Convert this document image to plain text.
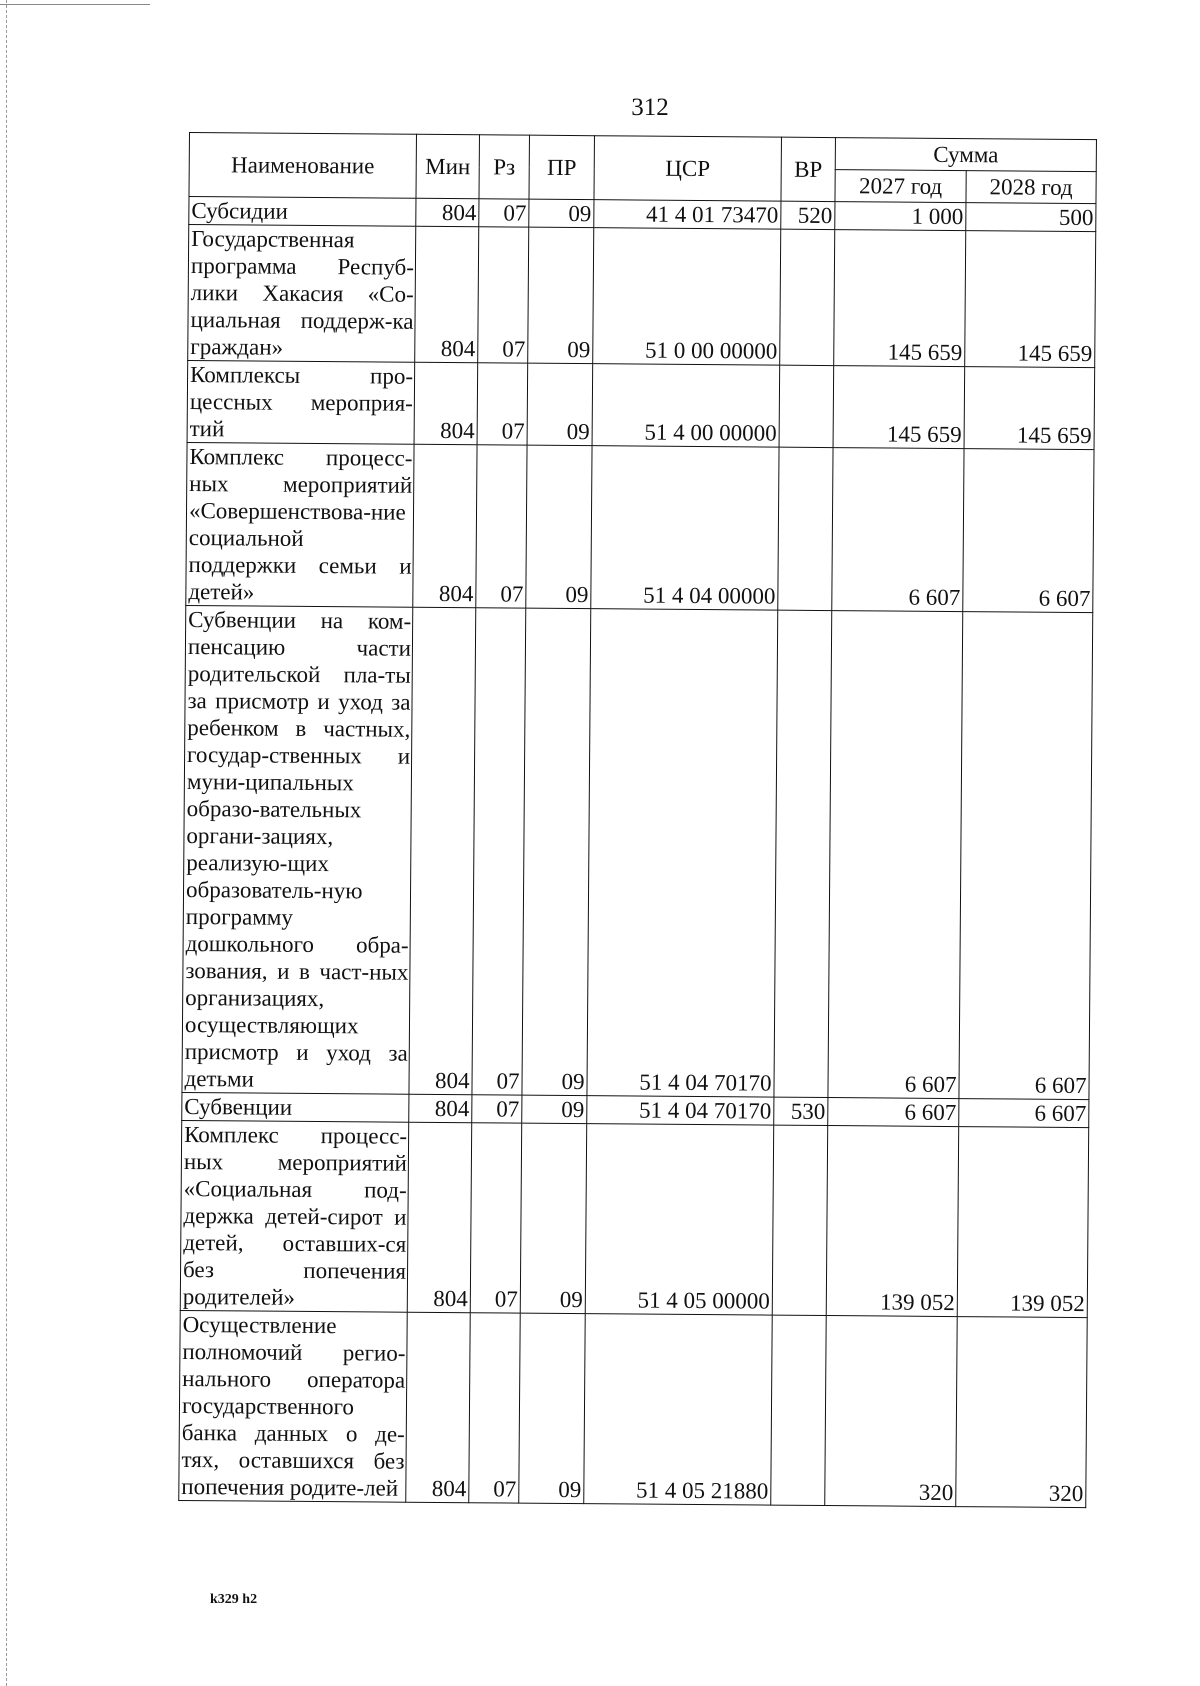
312
Наименование	Мин	Рз	ПР	ЦСР	ВР	Сумма	
						2027 год	2028 год
Субсидии	804	07	09	41 4 01 73470	520	1 000	500
Государственная программа Респуб-лики Хакасия «Со-циальная поддерж-ка граждан»	804	07	09	51 0 00 00000		145 659	145 659
Комплексы про-цессных мероприя-тий	804	07	09	51 4 00 00000		145 659	145 659
Комплекс процесс-ных мероприятий «Совершенствова-ние социальной поддержки семьи и детей»	804	07	09	51 4 04 00000		6 607	6 607
Субвенции на ком-пенсацию части родительской пла-ты за присмотр и уход за ребенком в частных, государ-ственных и муни-ципальных образо-вательных органи-зациях, реализую-щих образователь-ную программу дошкольного обра-зования, и в част-ных организациях, осуществляющих присмотр и уход за детьми	804	07	09	51 4 04 70170		6 607	6 607
Субвенции	804	07	09	51 4 04 70170	530	6 607	6 607
Комплекс процесс-ных мероприятий «Социальная под-держка детей-сирот и детей, оставших-ся без попечения родителей»	804	07	09	51 4 05 00000		139 052	139 052
Осуществление полномочий регио-нального оператора государственного банка данных о де-тях, оставшихся без попечения родите-лей	804	07	09	51 4 05 21880		320	320
k329 h2
